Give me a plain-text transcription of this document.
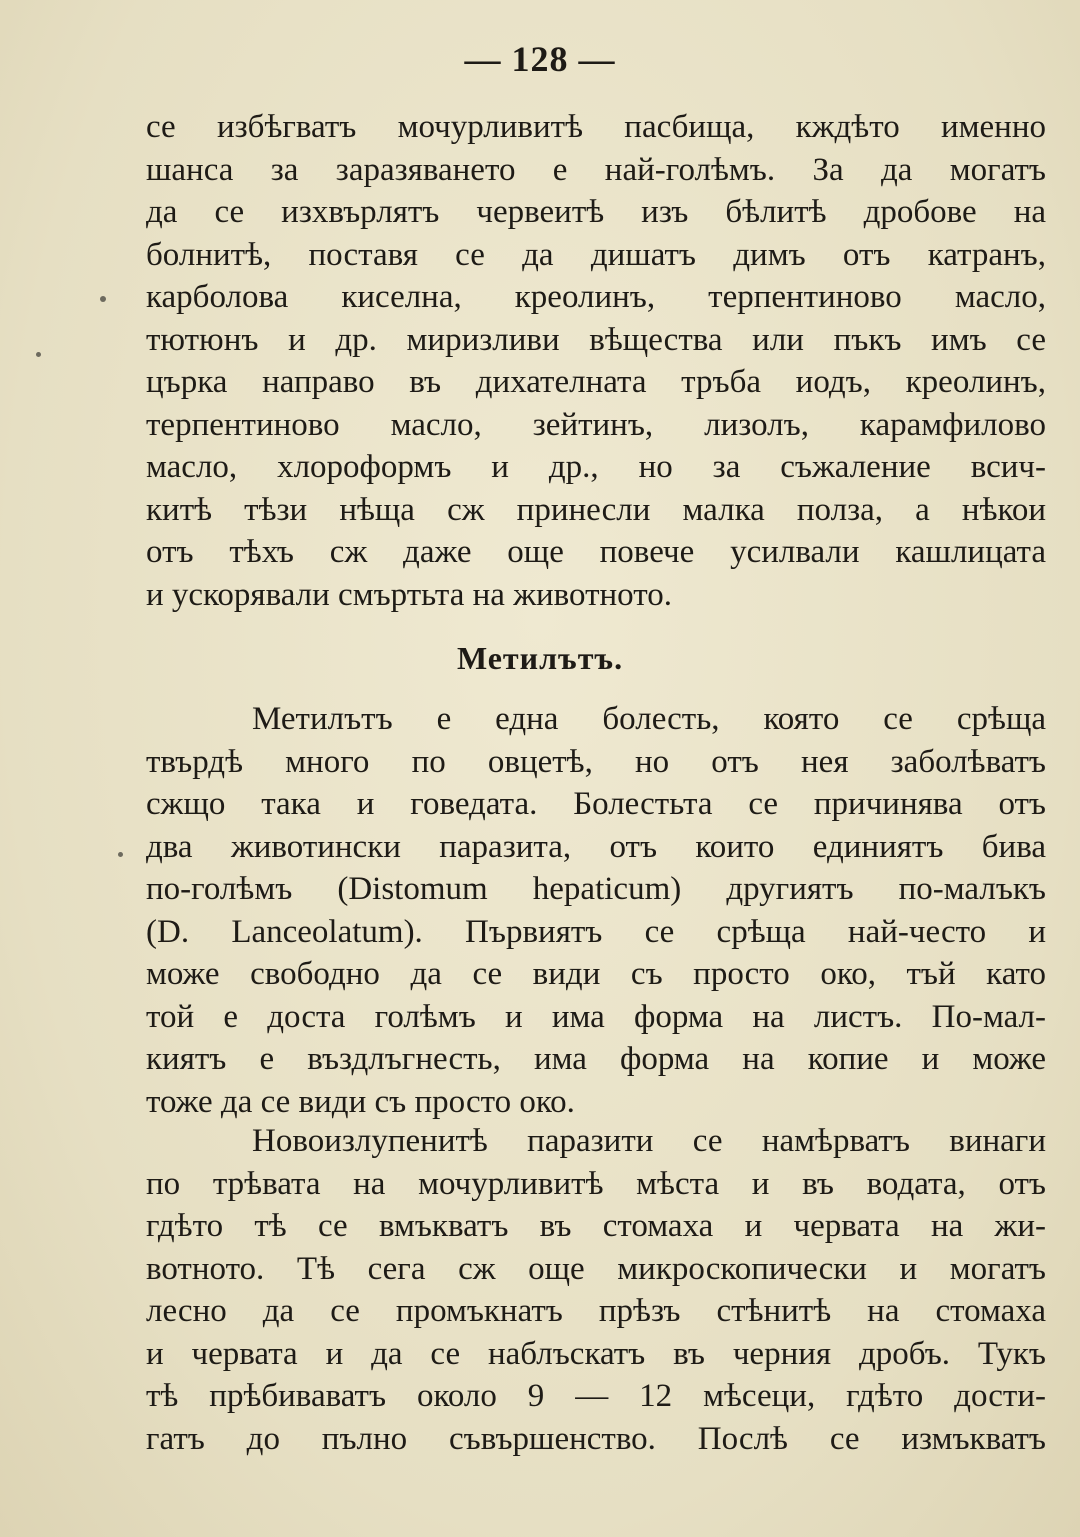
— 128 —
се избѣгватъ мочурливитѣ пасбища, кждѣто именно
шанса за заразяването е най-голѣмъ. За да могатъ
да се изхвърлятъ червеитѣ изъ бѣлитѣ дробове на
болнитѣ, поставя се да дишатъ димъ отъ катранъ,
карболова киселна, креолинъ, терпентиново масло,
тютюнъ и др. миризливи вѣщества или пъкъ имъ се
църка направо въ дихателната тръба иодъ, креолинъ,
терпентиново масло, зейтинъ, лизолъ, карамфилово
масло, хлороформъ и др., но за съжаление всич-
китѣ тѣзи нѣща сж принесли малка полза, а нѣкои
отъ тѣхъ сж даже още повече усилвали кашлицата
и ускорявали смъртьта на животното.
Метилътъ.
Метилътъ е една болесть, която се срѣща
твърдѣ много по овцетѣ, но отъ нея заболѣватъ
сжщо така и говедата. Болестьта се причинява отъ
два животински паразита, отъ които единиятъ бива
по-голѣмъ (Distomum hepaticum) другиятъ по-малъкъ
(D. Lanceolatum). Първиятъ се срѣща най-често и
може свободно да се види съ просто око, тъй като
той е доста голѣмъ и има форма на листъ. По-мал-
киятъ е въздлъгнесть, има форма на копие и може
тоже да се види съ просто око.
Новоизлупенитѣ паразити се намѣрватъ винаги
по трѣвата на мочурливитѣ мѣста и въ водата, отъ
гдѣто тѣ се вмъкватъ въ стомаха и червата на жи-
вотното. Тѣ сега сж още микроскопически и могатъ
лесно да се промъкнатъ прѣзъ стѣнитѣ на стомаха
и червата и да се наблъскатъ въ черния дробъ. Тукъ
тѣ прѣбиваватъ около 9 — 12 мѣсеци, гдѣто дости-
гатъ до пълно съвършенство. Послѣ се измъкватъ
